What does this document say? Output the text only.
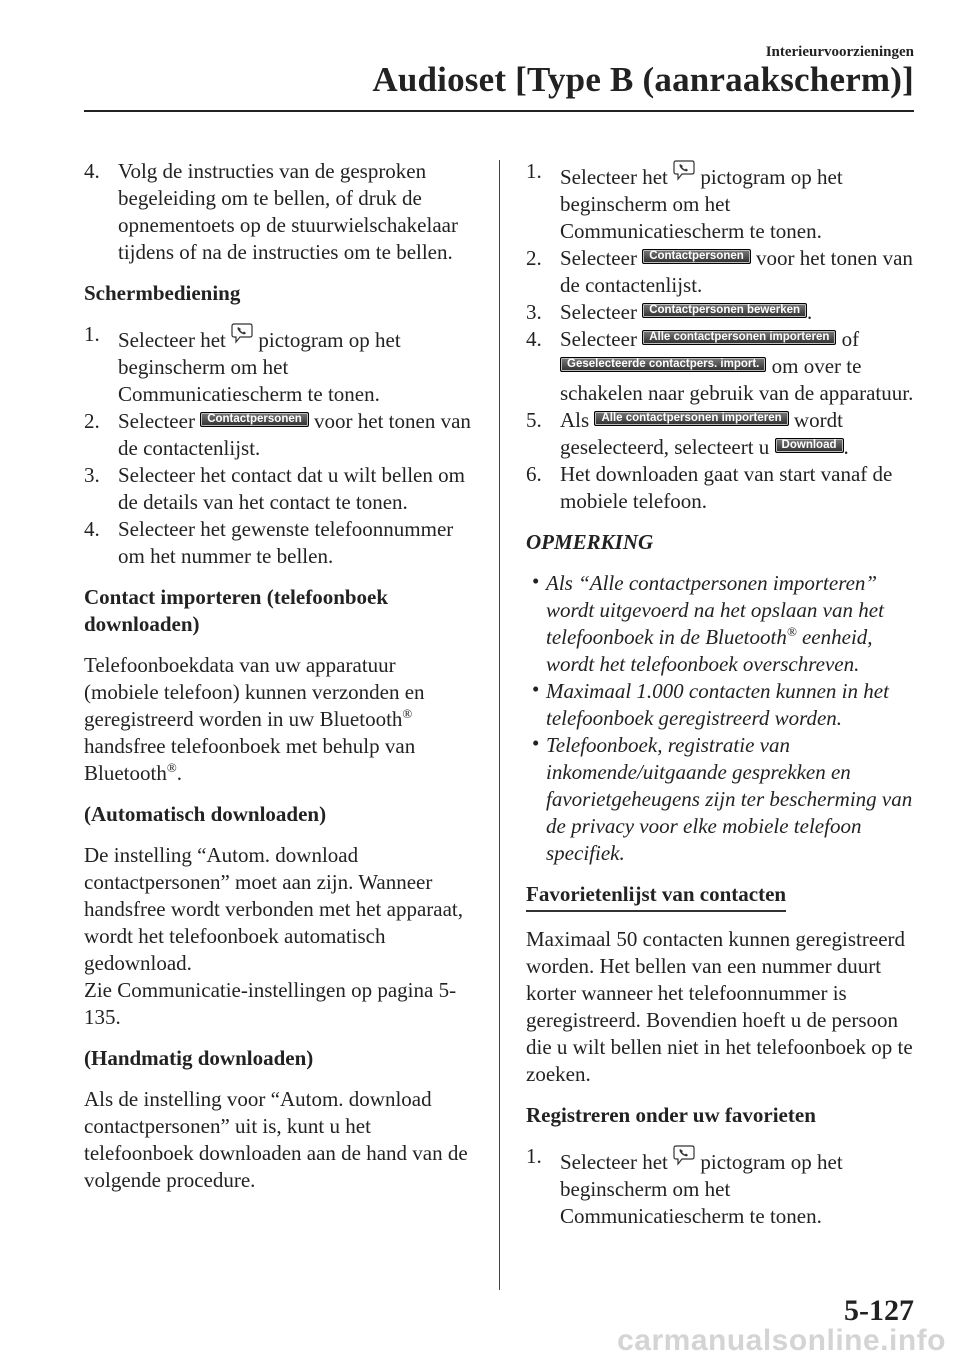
Interieurvoorzieningen
Audioset [Type B (aanraakscherm)]

4. Volg de instructies van de gesproken begeleiding om te bellen, of druk de opnementoets op de stuurwielschakelaar tijdens of na de instructies om te bellen.

Schermbediening

1. Selecteer het pictogram op het beginscherm om het Communicatiescherm te tonen.

2. Selecteer Contactpersonen voor het tonen van de contactenlijst.

3. Selecteer het contact dat u wilt bellen om de details van het contact te tonen.

4. Selecteer het gewenste telefoonnummer om het nummer te bellen.

Contact importeren (telefoonboek downloaden)

Telefoonboekdata van uw apparatuur (mobiele telefoon) kunnen verzonden en geregistreerd worden in uw Bluetooth® handsfree telefoonboek met behulp van Bluetooth®.

(Automatisch downloaden)

De instelling “Autom. download contactpersonen” moet aan zijn. Wanneer handsfree wordt verbonden met het apparaat, wordt het telefoonboek automatisch gedownload.

Zie Communicatie-instellingen op pagina 5-135.

(Handmatig downloaden)

Als de instelling voor “Autom. download contactpersonen” uit is, kunt u het telefoonboek downloaden aan de hand van de volgende procedure.

1. Selecteer het pictogram op het beginscherm om het Communicatiescherm te tonen.

2. Selecteer Contactpersonen voor het tonen van de contactenlijst.

3. Selecteer Contactpersonen bewerken .

4. Selecteer Alle contactpersonen importeren of Geselecteerde contactpers. import. om over te schakelen naar gebruik van de apparatuur.

5. Als Alle contactpersonen importeren wordt geselecteerd, selecteert u Download .

6. Het downloaden gaat van start vanaf de mobiele telefoon.

OPMERKING

• Als “Alle contactpersonen importeren” wordt uitgevoerd na het opslaan van het telefoonboek in de Bluetooth® eenheid, wordt het telefoonboek overschreven.

• Maximaal 1.000 contacten kunnen in het telefoonboek geregistreerd worden.

• Telefoonboek, registratie van inkomende/uitgaande gesprekken en favorietgeheugens zijn ter bescherming van de privacy voor elke mobiele telefoon specifiek.

Favorietenlijst van contacten

Maximaal 50 contacten kunnen geregistreerd worden. Het bellen van een nummer duurt korter wanneer het telefoonnummer is geregistreerd. Bovendien hoeft u de persoon die u wilt bellen niet in het telefoonboek op te zoeken.

Registreren onder uw favorieten

1. Selecteer het pictogram op het beginscherm om het Communicatiescherm te tonen.

5-127
carmanualsonline.info
